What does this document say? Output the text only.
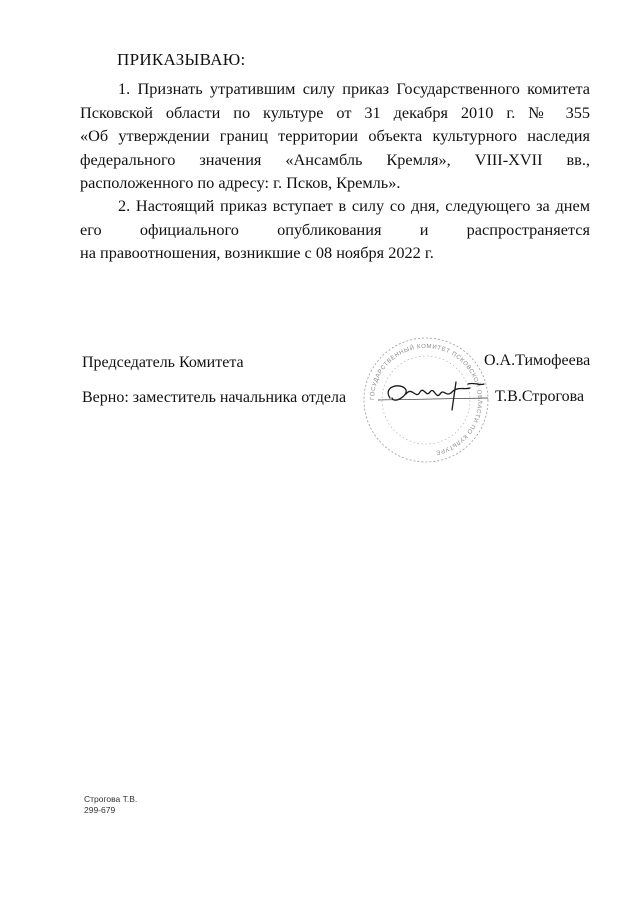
ПРИКАЗЫВАЮ:
1. Признать утратившим силу приказ Государственного комитета
Псковской области по культуре от 31 декабря 2010 г. № 355
«Об утверждении границ территории объекта культурного наследия
федерального значения «Ансамбль Кремля», VIII-XVII вв.,
расположенного по адресу: г. Псков, Кремль».
2. Настоящий приказ вступает в силу со дня, следующего за днем
его официального опубликования и распространяется
на правоотношения, возникшие с 08 ноября 2022 г.
ГОСУДАРСТВЕННЫЙ КОМИТЕТ ПСКОВСКОЙ ОБЛАСТИ ПО КУЛЬТУРЕ
Председатель Комитета	О.А.Тимофеева
Верно: заместитель начальника отдела	Т.В.Строгова
Строгова Т.В.
299-679
